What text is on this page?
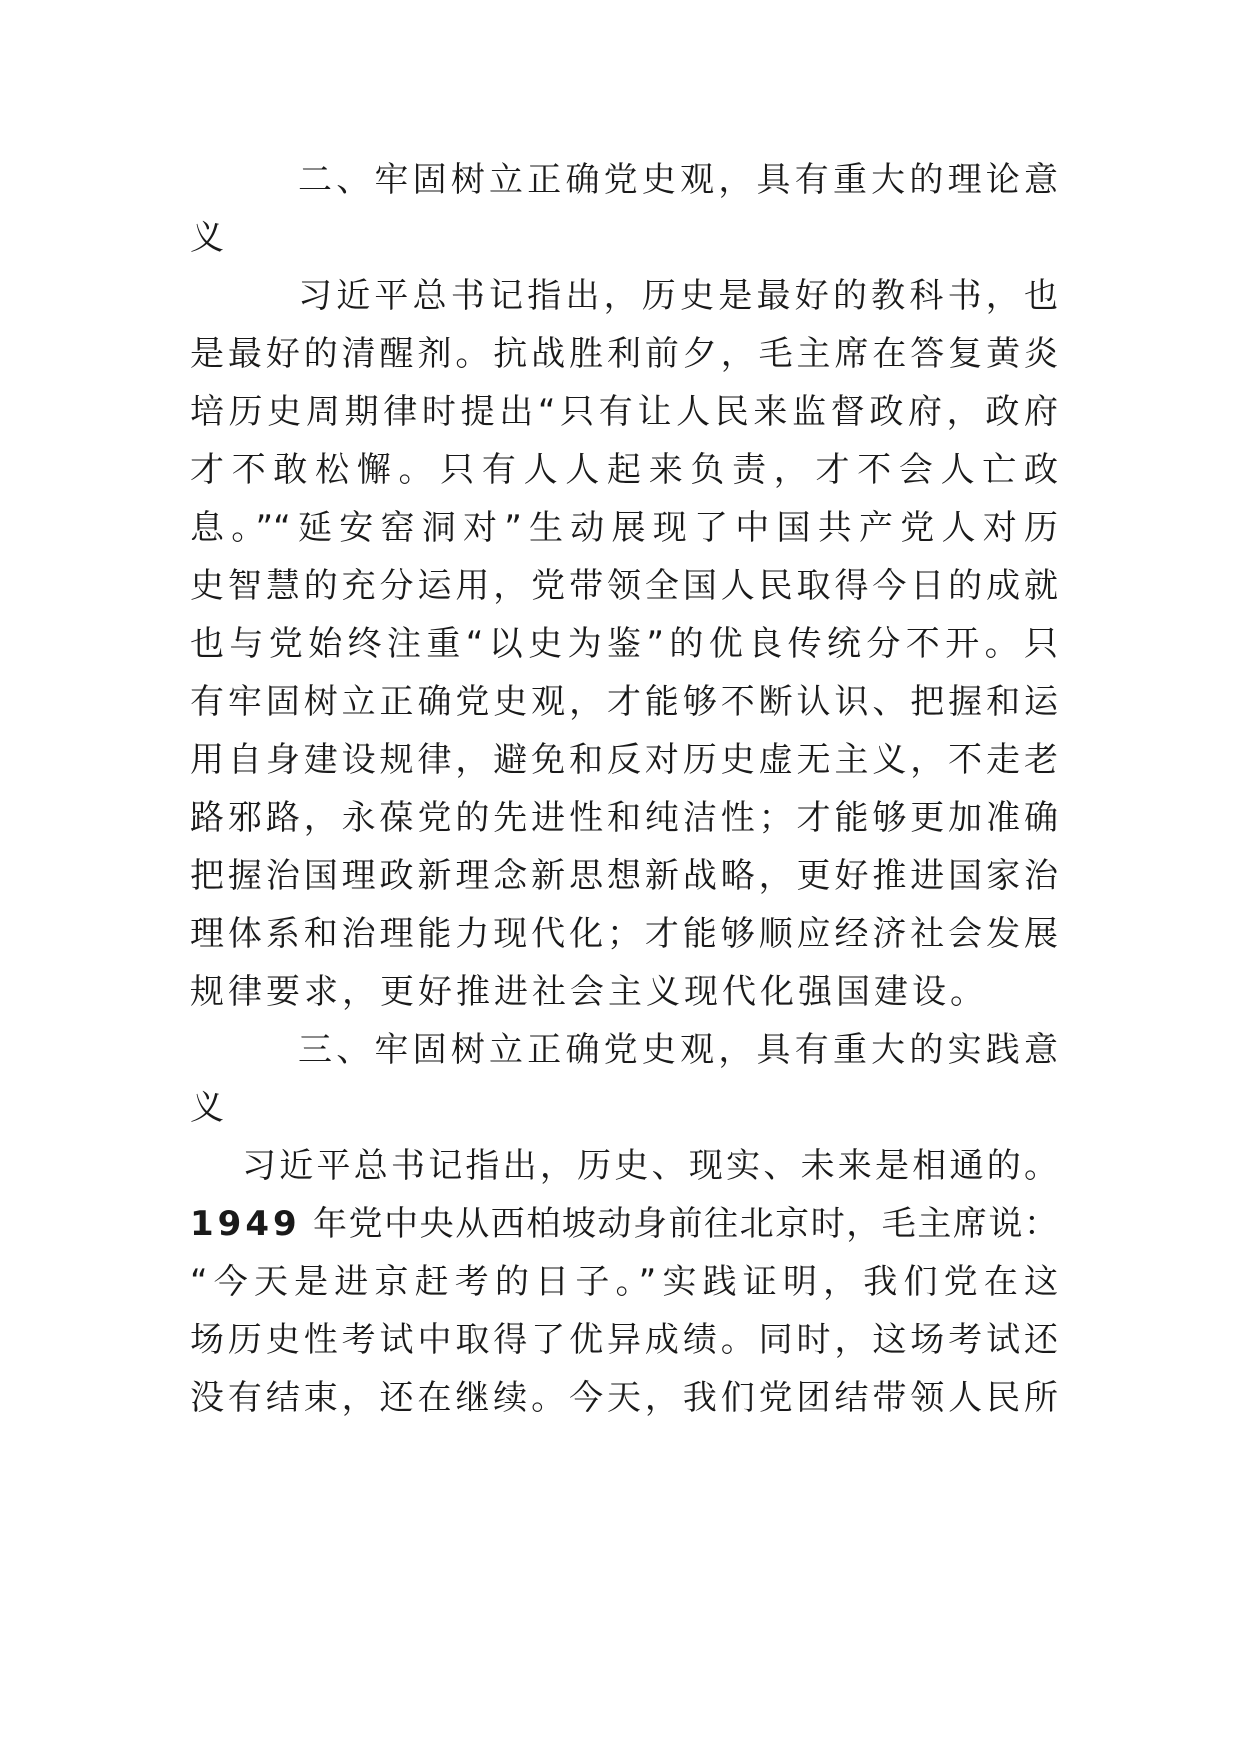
二、牢固树立正确党史观，具有重大的理论意
义
习近平总书记指出，历史是最好的教科书，也
是最好的清醒剂。抗战胜利前夕，毛主席在答复黄炎
培历史周期律时提出“只有让人民来监督政府，政府
才不敢松懈。只有人人起来负责，才不会人亡政
息。”“延安窑洞对”生动展现了中国共产党人对历
史智慧的充分运用，党带领全国人民取得今日的成就
也与党始终注重“以史为鉴”的优良传统分不开。只
有牢固树立正确党史观，才能够不断认识、把握和运
用自身建设规律，避免和反对历史虚无主义，不走老
路邪路，永葆党的先进性和纯洁性；才能够更加准确
把握治国理政新理念新思想新战略，更好推进国家治
理体系和治理能力现代化；才能够顺应经济社会发展
规律要求，更好推进社会主义现代化强国建设。
三、牢固树立正确党史观，具有重大的实践意
义
习近平总书记指出，历史、现实、未来是相通的。
1949 年党中央从西柏坡动身前往北京时，毛主席说：
“今天是进京赶考的日子。”实践证明，我们党在这
场历史性考试中取得了优异成绩。同时，这场考试还
没有结束，还在继续。今天，我们党团结带领人民所
